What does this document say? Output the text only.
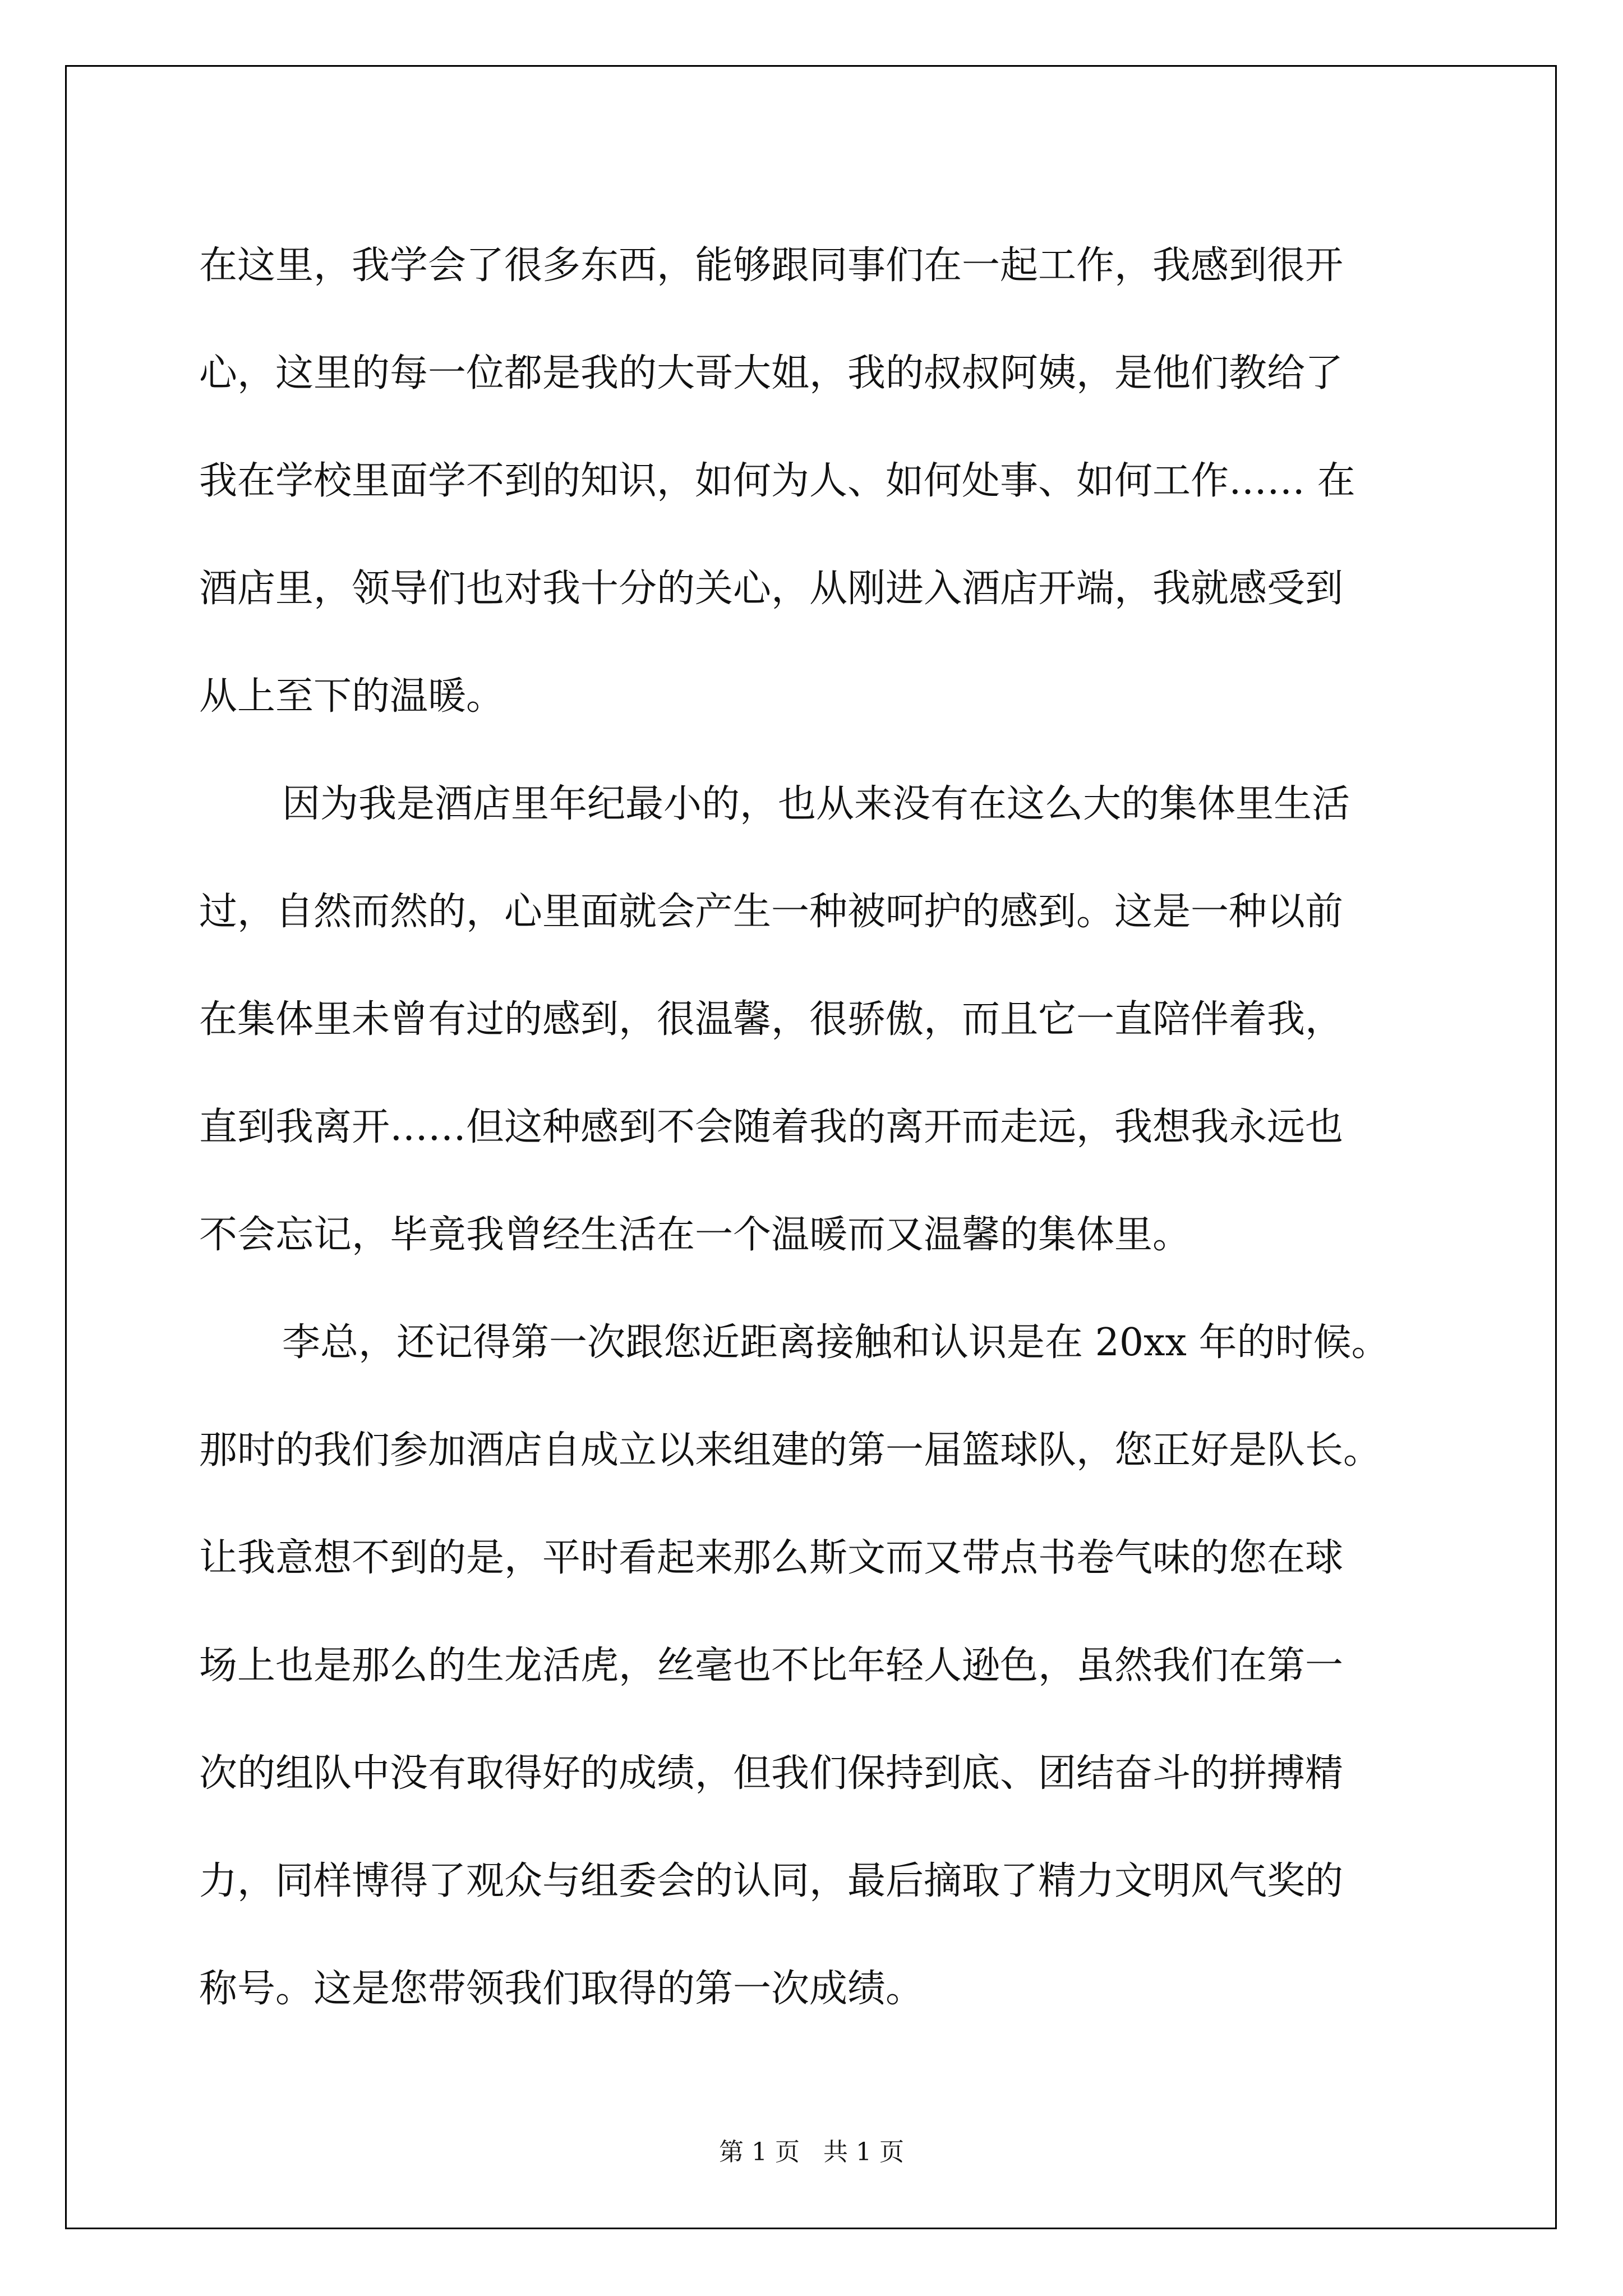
在这里，我学会了很多东西，能够跟同事们在一起工作，我感到很开
心，这里的每一位都是我的大哥大姐，我的叔叔阿姨，是他们教给了
我在学校里面学不到的知识，如何为人、如何处事、如何工作…… 在
酒店里，领导们也对我十分的关心，从刚进入酒店开端，我就感受到
从上至下的温暖。
因为我是酒店里年纪最小的，也从来没有在这么大的集体里生活
过，自然而然的，心里面就会产生一种被呵护的感到。这是一种以前
在集体里未曾有过的感到，很温馨，很骄傲，而且它一直陪伴着我，
直到我离开……但这种感到不会随着我的离开而走远，我想我永远也
不会忘记，毕竟我曾经生活在一个温暖而又温馨的集体里。
李总，还记得第一次跟您近距离接触和认识是在 20xx 年的时候。
那时的我们参加酒店自成立以来组建的第一届篮球队，您正好是队长。
让我意想不到的是，平时看起来那么斯文而又带点书卷气味的您在球
场上也是那么的生龙活虎，丝毫也不比年轻人逊色，虽然我们在第一
次的组队中没有取得好的成绩，但我们保持到底、团结奋斗的拼搏精
力，同样博得了观众与组委会的认同，最后摘取了精力文明风气奖的
称号。这是您带领我们取得的第一次成绩。
第 1 页   共 1 页
